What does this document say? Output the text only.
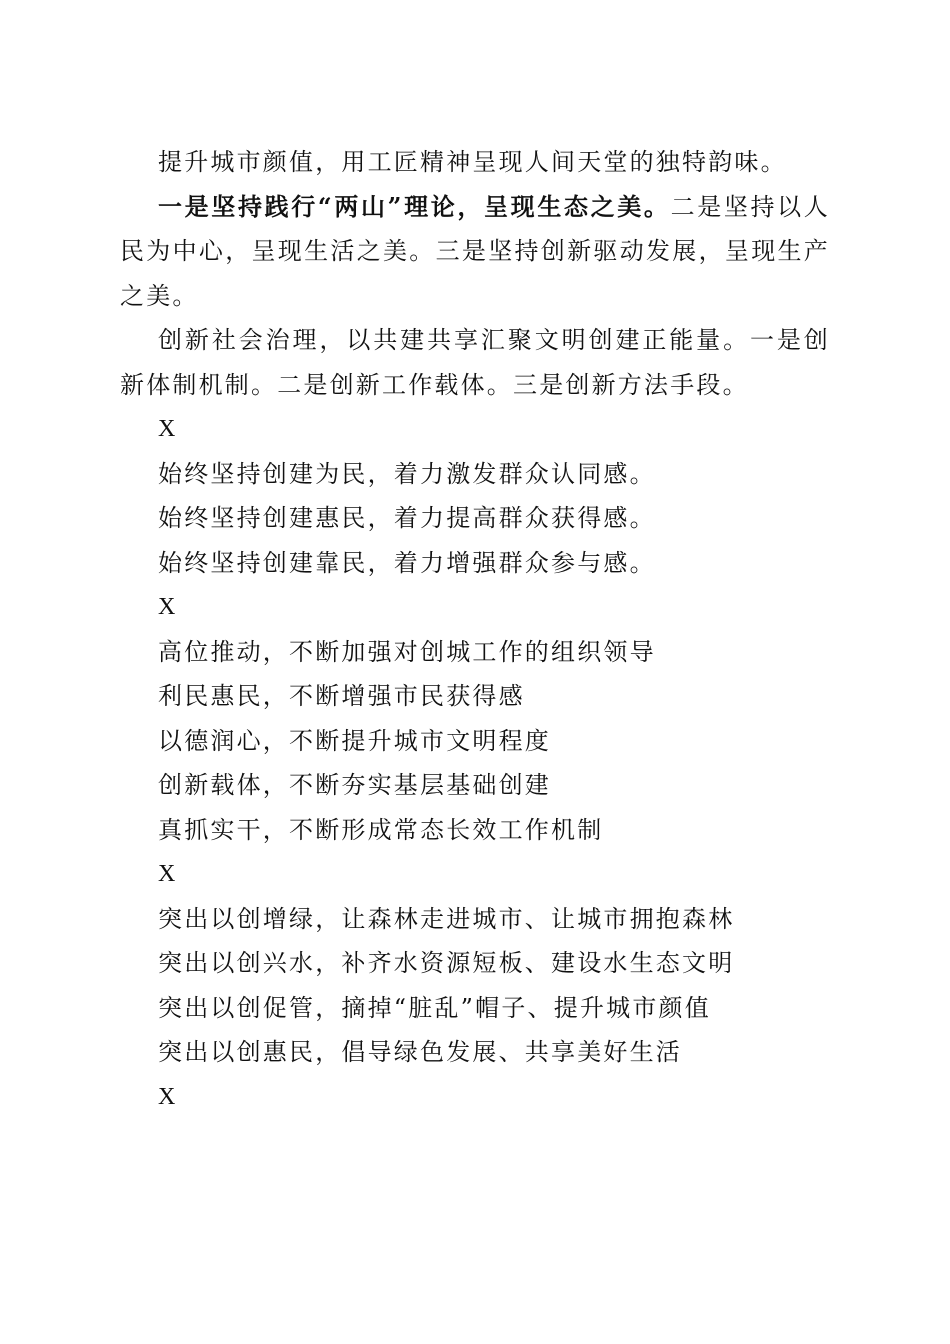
提升城市颜值，用工匠精神呈现人间天堂的独特韵味。

一是坚持践行“两山”理论，呈现生态之美。二是坚持以人民为中心，呈现生活之美。三是坚持创新驱动发展，呈现生产之美。

创新社会治理，以共建共享汇聚文明创建正能量。一是创新体制机制。二是创新工作载体。三是创新方法手段。

X

始终坚持创建为民，着力激发群众认同感。

始终坚持创建惠民，着力提高群众获得感。

始终坚持创建靠民，着力增强群众参与感。

X

高位推动，不断加强对创城工作的组织领导

利民惠民，不断增强市民获得感

以德润心，不断提升城市文明程度

创新载体，不断夯实基层基础创建

真抓实干，不断形成常态长效工作机制

X

突出以创增绿，让森林走进城市、让城市拥抱森林

突出以创兴水，补齐水资源短板、建设水生态文明

突出以创促管，摘掉“脏乱”帽子、提升城市颜值

突出以创惠民，倡导绿色发展、共享美好生活

X
